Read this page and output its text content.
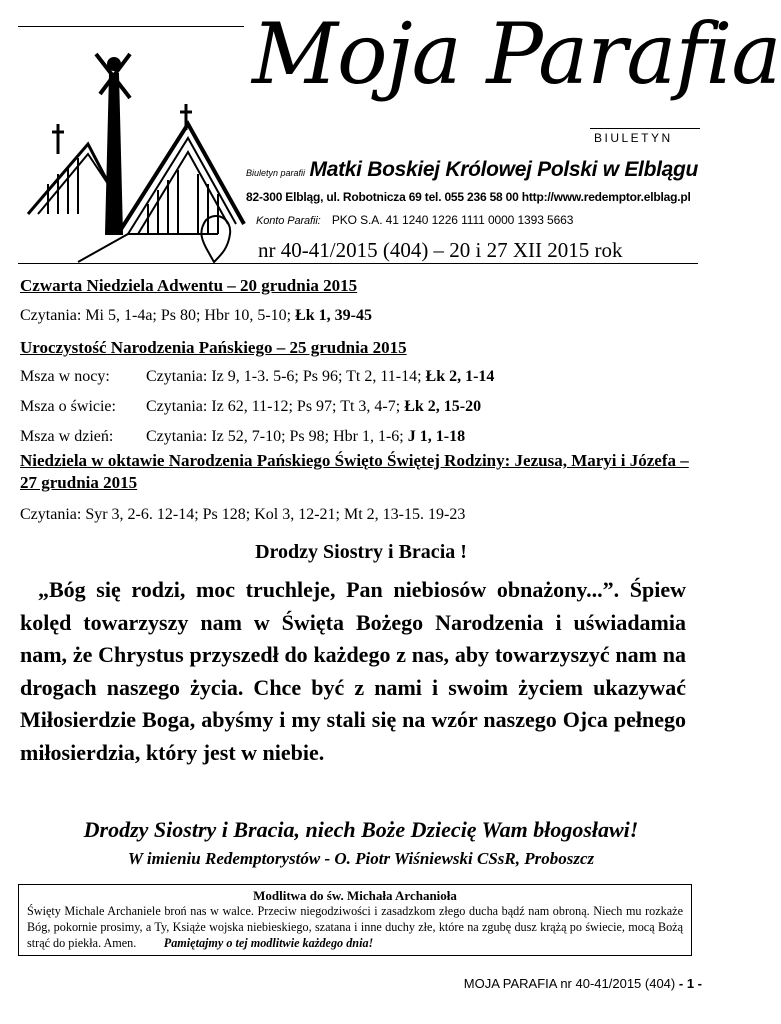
Moja Parafia
BIULETYN
Biuletyn parafii Matki Boskiej Królowej Polski w Elblągu
82-300 Elbląg, ul. Robotnicza 69 tel. 055 236 58 00 http://www.redemptor.elblag.pl
Konto Parafii: PKO S.A. 41 1240 1226 1111 0000 1393 5663
nr 40-41/2015 (404) – 20 i 27 XII 2015 rok
Czwarta Niedziela Adwentu – 20 grudnia 2015
Czytania: Mi 5, 1-4a; Ps 80; Hbr 10, 5-10; Łk 1, 39-45
Uroczystość Narodzenia Pańskiego – 25 grudnia 2015
Msza w nocy: Czytania: Iz 9, 1-3. 5-6; Ps 96; Tt 2, 11-14; Łk 2, 1-14
Msza o świcie: Czytania: Iz 62, 11-12; Ps 97; Tt 3, 4-7; Łk 2, 15-20
Msza w dzień: Czytania: Iz 52, 7-10; Ps 98; Hbr 1, 1-6; J 1, 1-18
Niedziela w oktawie Narodzenia Pańskiego Święto Świętej Rodziny: Jezusa, Maryi i Józefa – 27 grudnia 2015
Czytania: Syr 3, 2-6. 12-14; Ps 128; Kol 3, 12-21; Mt 2, 13-15. 19-23
Drodzy Siostry i Bracia !
„Bóg się rodzi, moc truchleje, Pan niebiosów obnażony...”. Śpiew kolęd towarzyszy nam w Święta Bożego Narodzenia i uświadamia nam, że Chrystus przyszedł do każdego z nas, aby towarzyszyć nam na drogach naszego życia. Chce być z nami i swoim życiem ukazywać Miłosierdzie Boga, abyśmy i my stali się na wzór naszego Ojca pełnego miłosierdzia, który jest w niebie.
Drodzy Siostry i Bracia, niech Boże Dziecię Wam błogosławi!
W imieniu Redemptorystów - O. Piotr Wiśniewski CSsR, Proboszcz
Modlitwa do św. Michała Archanioła
Święty Michale Archaniele broń nas w walce. Przeciw niegodziwości i zasadzkom złego ducha bądź nam obroną. Niech mu rozkaże Bóg, pokornie prosimy, a Ty, Książe wojska niebieskiego, szatana i inne duchy złe, które na zgubę dusz krążą po świecie, mocą Bożą strąć do piekła. Amen. Pamiętajmy o tej modlitwie każdego dnia!
MOJA PARAFIA nr 40-41/2015 (404) - 1 -
